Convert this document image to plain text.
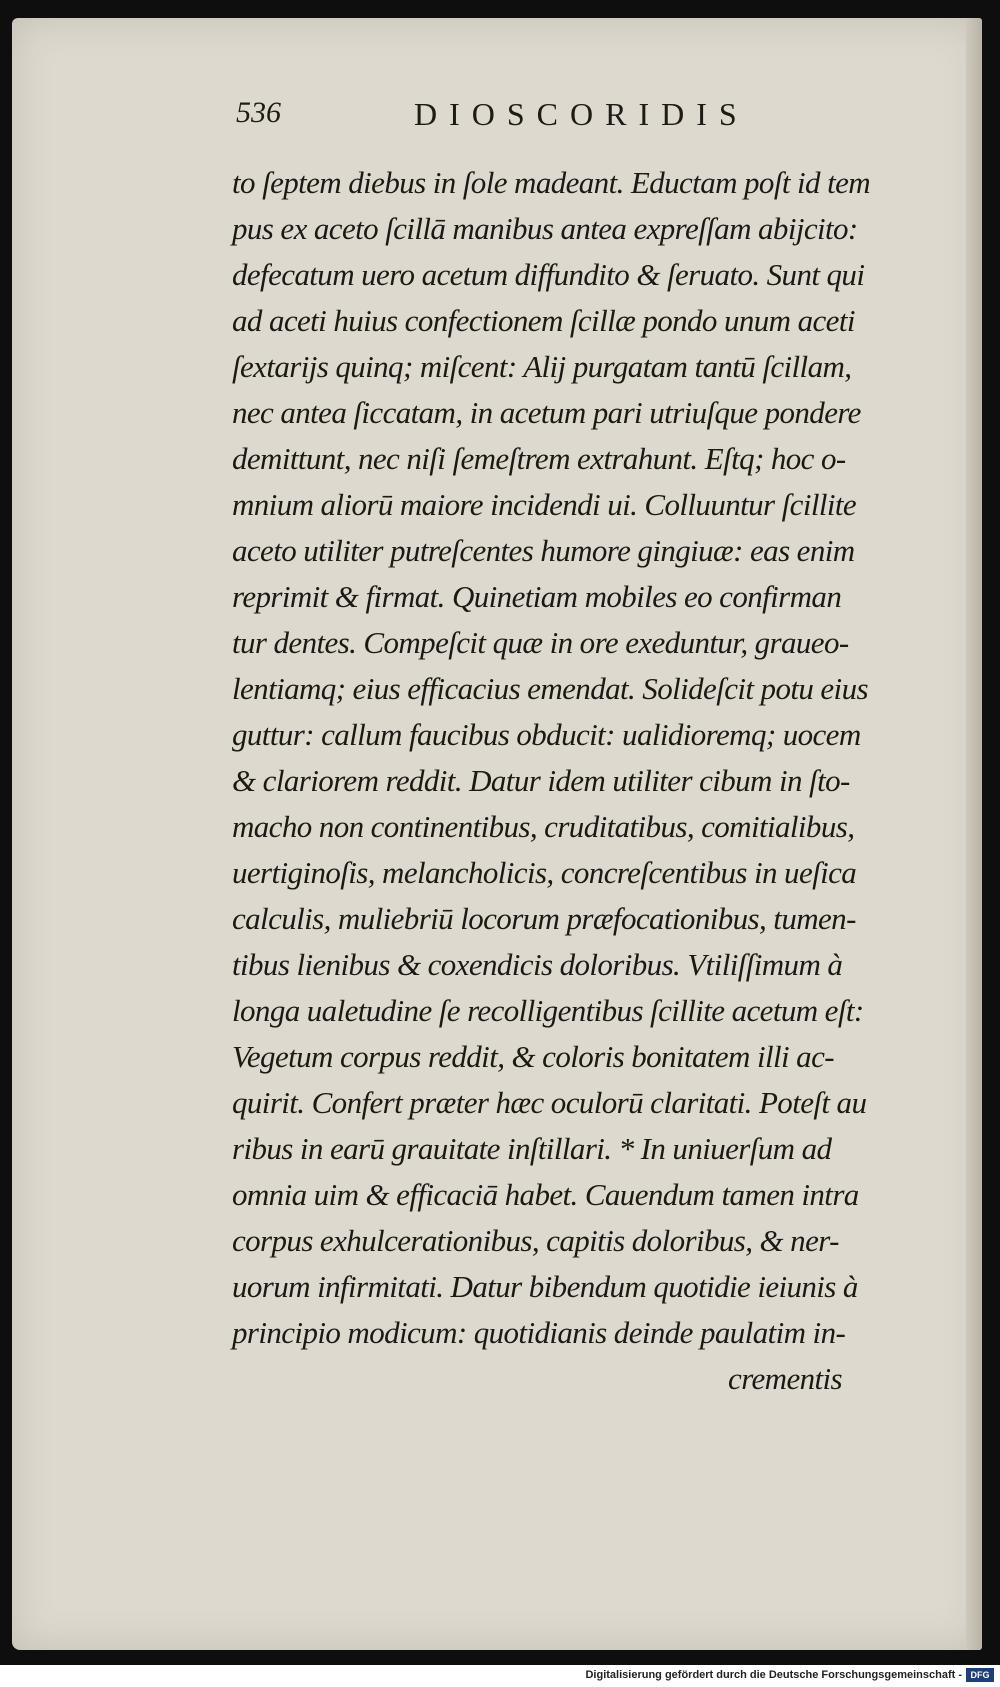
536	DIOSCORIDIS
to ſeptem diebus in ſole madeant. Eductam poſt id tem
pus ex aceto ſcillā manibus antea expreſſam abijcito:
defecatum uero acetum diffundito & ſeruato. Sunt qui
ad aceti huius confectionem ſcillæ pondo unum aceti
ſextarijs quinq; miſcent: Alij purgatam tantū ſcillam,
nec antea ſiccatam, in acetum pari utriuſque pondere
demittunt, nec niſi ſemeſtrem extrahunt. Eſtq; hoc o-
mnium aliorū maiore incidendi ui. Colluuntur ſcillite
aceto utiliter putreſcentes humore gingiuæ: eas enim
reprimit & firmat. Quinetiam mobiles eo confirman
tur dentes. Compeſcit quæ in ore exeduntur, graueo-
lentiamq; eius efficacius emendat. Solideſcit potu eius
guttur: callum faucibus obducit: ualidioremq; uocem
& clariorem reddit. Datur idem utiliter cibum in ſto-
macho non continentibus, cruditatibus, comitialibus,
uertiginoſis, melancholicis, concreſcentibus in ueſica
calculis, muliebriū locorum præfocationibus, tumen-
tibus lienibus & coxendicis doloribus. Vtiliſſimum à
longa ualetudine ſe recolligentibus ſcillite acetum eſt:
Vegetum corpus reddit, & coloris bonitatem illi ac-
quirit. Confert præter hæc oculorū claritati. Poteſt au
ribus in earū grauitate inſtillari. * In uniuerſum ad
omnia uim & efficaciā habet. Cauendum tamen intra
corpus exhulcerationibus, capitis doloribus, & ner-
uorum infirmitati. Datur bibendum quotidie ieiunis à
principio modicum: quotidianis deinde paulatim in-
crementis
Digitalisierung gefördert durch die Deutsche Forschungsgemeinschaft - DFG
